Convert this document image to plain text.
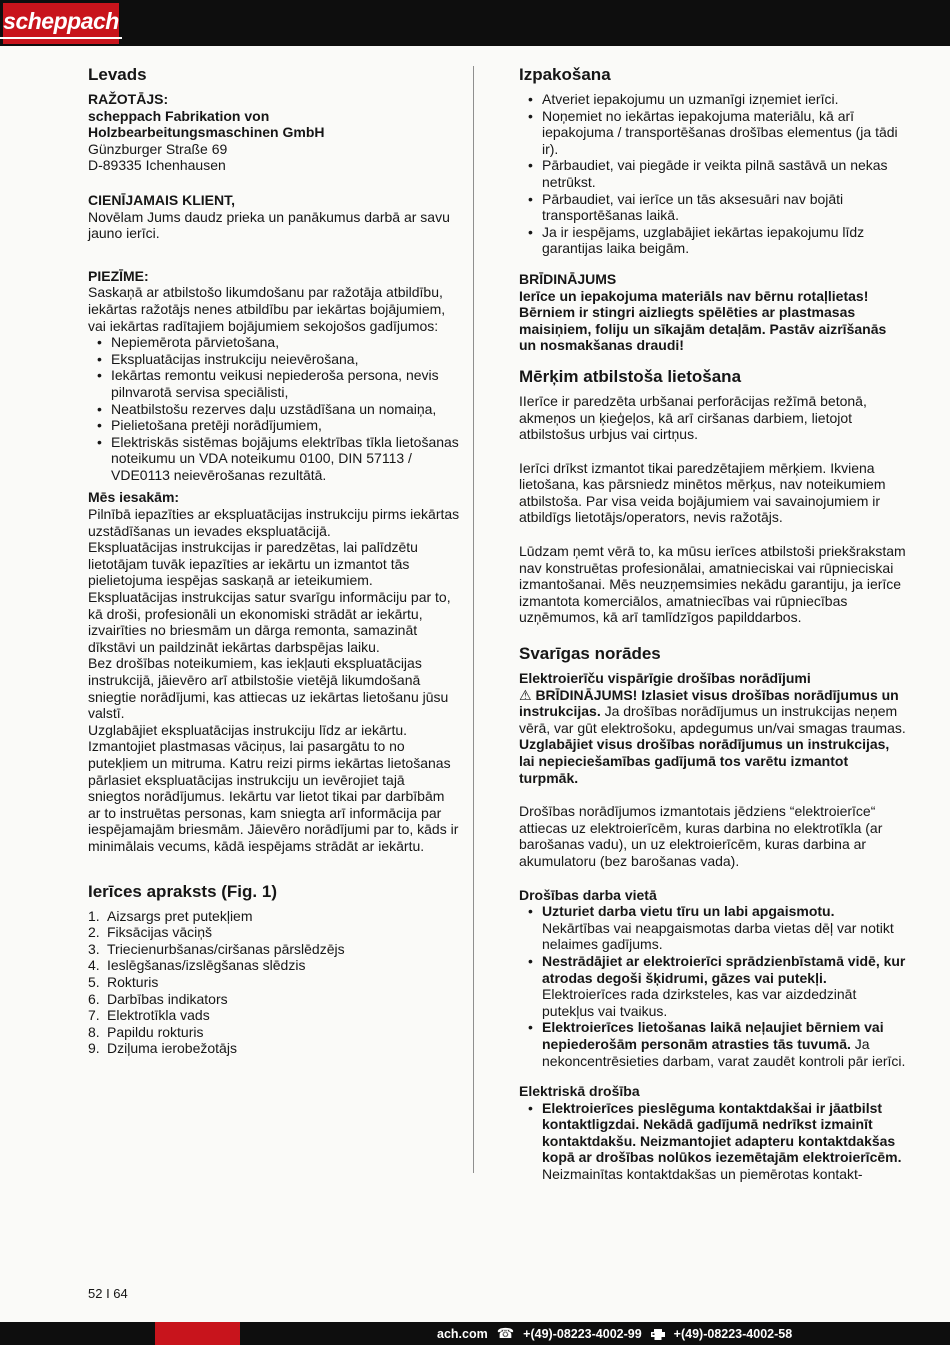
scheppach
Levads
RAŽOTĀJS:
scheppach Fabrikation von
Holzbearbeitungsmaschinen GmbH
Günzburger Straße 69
D-89335 Ichenhausen
CIENĪJAMAIS KLIENT,

Novēlam Jums daudz prieka un panākumus darbā ar savu jauno ierīci.

PIEZĪME:

Saskaņā ar atbilstošo likumdošanu par ražotāja atbildību, iekārtas ražotājs nenes atbildību par iekārtas bojājumiem, vai iekārtas radītajiem bojājumiem sekojošos gadījumos:

• Nepiemērota pārvietošana,
• Ekspluatācijas instrukciju neievērošana,
• Iekārtas remontu veikusi nepiederoša persona, nevis pilnvarotā servisa speciālisti,
• Neatbilstošu rezerves daļu uzstādīšana un nomaiņa,
• Pielietošana pretēji norādījumiem,
• Elektriskās sistēmas bojājums elektrības tīkla lietošanas noteikumu un VDA noteikumu 0100, DIN 57113 / VDE0113 neievērošanas rezultātā.
Mēs iesakām:

Pilnībā iepazīties ar ekspluatācijas instrukciju pirms iekārtas uzstādīšanas un ievades ekspluatācijā.

Ekspluatācijas instrukcijas ir paredzētas, lai palīdzētu lietotājam tuvāk iepazīties ar iekārtu un izmantot tās pielietojuma iespējas saskaņā ar ieteikumiem.

Ekspluatācijas instrukcijas satur svarīgu informāciju par to, kā droši, profesionāli un ekonomiski strādāt ar iekārtu, izvairīties no briesmām un dārga remonta, samazināt dīkstāvi un paildzināt iekārtas darbspējas laiku.

Bez drošības noteikumiem, kas iekļauti ekspluatācijas instrukcijā, jāievēro arī atbilstošie vietējā likumdošanā sniegtie norādījumi, kas attiecas uz iekārtas lietošanu jūsu valstī.

Uzglabājiet ekspluatācijas instrukciju līdz ar iekārtu. Izmantojiet plastmasas vāciņus, lai pasargātu to no putekļiem un mitruma. Katru reizi pirms iekārtas lietošanas pārlasiet ekspluatācijas instrukciju un ievērojiet tajā sniegtos norādījumus. Iekārtu var lietot tikai par darbībām ar to instruētas personas, kam sniegta arī informācija par iespējamajām briesmām. Jāievēro norādījumi par to, kāds ir minimālais vecums, kādā iespējams strādāt ar iekārtu.

Ierīces apraksts (Fig. 1)
1. Aizsargs pret putekļiem
2. Fiksācijas vāciņš
3. Triecienurbšanas/ciršanas pārslēdzējs
4. Ieslēgšanas/izslēgšanas slēdzis
5. Rokturis
6. Darbības indikators
7. Elektrotīkla vads
8. Papildu rokturis
9. Dziļuma ierobežotājs
Izpakošana
• Atveriet iepakojumu un uzmanīgi izņemiet ierīci.
• Noņemiet no iekārtas iepakojuma materiālu, kā arī iepakojuma / transportēšanas drošības elementus (ja tādi ir).
• Pārbaudiet, vai piegāde ir veikta pilnā sastāvā un nekas netrūkst.
• Pārbaudiet, vai ierīce un tās aksesuāri nav bojāti transportēšanas laikā.
• Ja ir iespējams, uzglabājiet iekārtas iepakojumu līdz garantijas laika beigām.
BRĪDINĀJUMS

Ierīce un iepakojuma materiāls nav bērnu rotaļlietas! Bērniem ir stingri aizliegts spēlēties ar plastmasas maisiņiem, foliju un sīkajām detaļām. Pastāv aizrīšanās un nosmakšanas draudi!

Mērķim atbilstoša lietošana

IIerīce ir paredzēta urbšanai perforācijas režīmā betonā, akmeņos un ķieģeļos, kā arī ciršanas darbiem, lietojot atbilstošus urbjus vai cirtņus.

Ierīci drīkst izmantot tikai paredzētajiem mērķiem. Ikviena lietošana, kas pārsniedz minētos mērķus, nav noteikumiem atbilstoša. Par visa veida bojājumiem vai savainojumiem ir atbildīgs lietotājs/operators, nevis ražotājs.

Lūdzam ņemt vērā to, ka mūsu ierīces atbilstoši priekšrakstam nav konstruētas profesionālai, amatnieciskai vai rūpnieciskai izmantošanai. Mēs neuzņemsimies nekādu garantiju, ja ierīce izmantota komerciālos, amatniecības vai rūpniecības uzņēmumos, kā arī tamlīdzīgos papilddarbos.

Svarīgas norādes
Elektroierīču vispārīgie drošības norādījumi

⚠ BRĪDINĀJUMS! Izlasiet visus drošības norādījumus un instrukcijas. Ja drošības norādījumus un instrukcijas neņem vērā, var gūt elektrošoku, apdegumus un/vai smagas traumas. Uzglabājiet visus drošības norādījumus un instrukcijas, lai nepieciešamības gadījumā tos varētu izmantot turpmāk.

Drošības norādījumos izmantotais jēdziens “elektroierīce“ attiecas uz elektroierīcēm, kuras darbina no elektrotīkla (ar barošanas vadu), un uz elektroierīcēm, kuras darbina ar akumulatoru (bez barošanas vada).

Drošības darba vietā
• Uzturiet darba vietu tīru un labi apgaismotu. Nekārtības vai neapgaismotas darba vietas dēļ var notikt nelaimes gadījums.
• Nestrādājiet ar elektroierīci sprādzienbīstamā vidē, kur atrodas degoši šķidrumi, gāzes vai putekļi. Elektroierīces rada dzirksteles, kas var aizdedzināt putekļus vai tvaikus.
• Elektroierīces lietošanas laikā neļaujiet bērniem vai nepiederošām personām atrasties tās tuvumā. Ja nekoncentrēsieties darbam, varat zaudēt kontroli pār ierīci.
Elektriskā drošība
• Elektroierīces pieslēguma kontaktdakšai ir jāatbilst kontaktligzdai. Nekādā gadījumā nedrīkst izmainīt kontaktdakšu. Neizmantojiet adapteru kontaktdakšas kopā ar drošības nolūkos iezemētajām elektroierīcēm. Neizmainītas kontaktdakšas un piemērotas kontakt-
52 I 64
ach.com ☎ +(49)-08223-4002-99	+(49)-08223-4002-58
